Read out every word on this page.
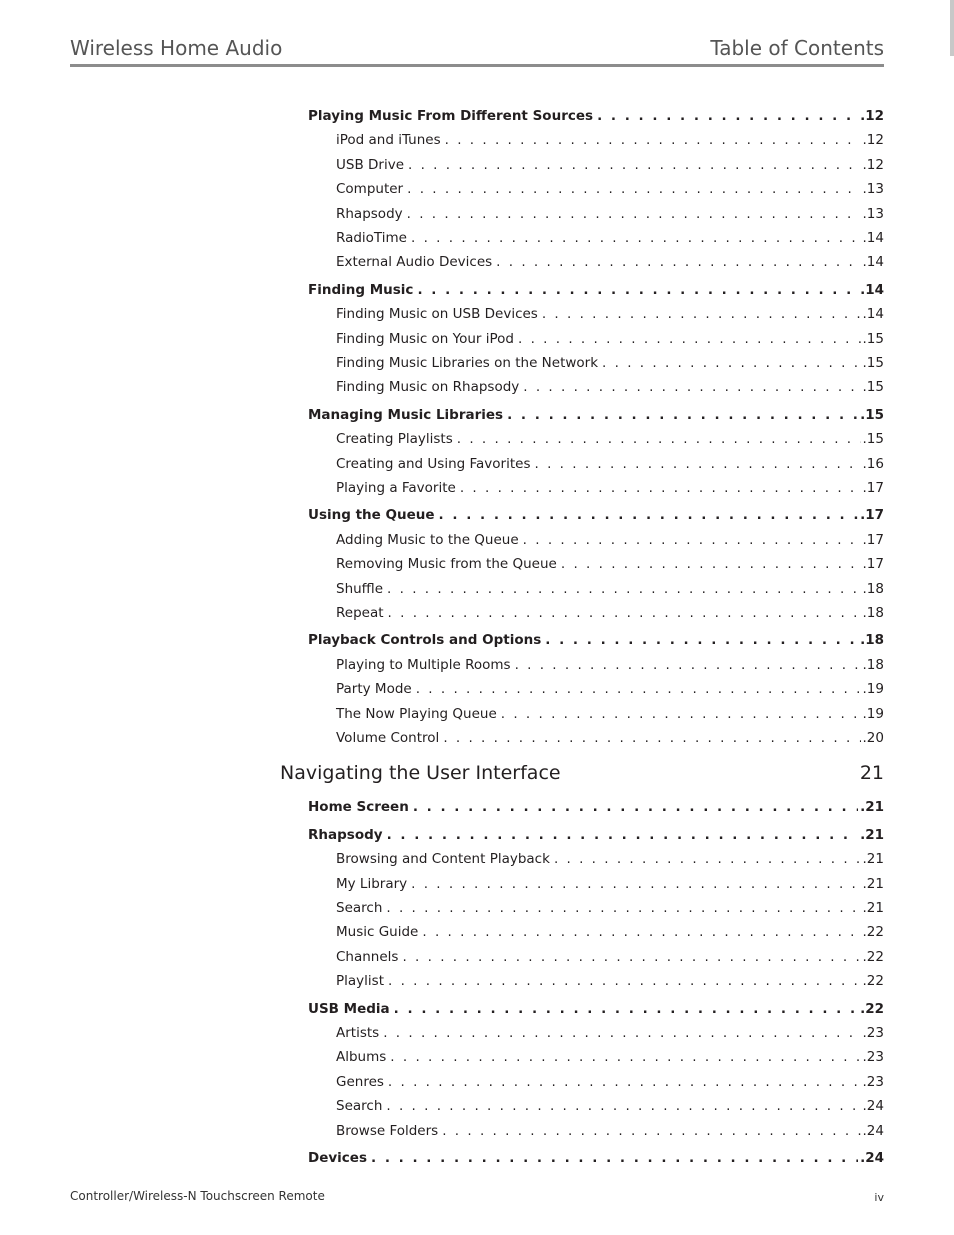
Wireless Home Audio	Table of Contents
Playing Music From Different Sources . . .	.12
iPod and iTunes . . .	.12
USB Drive . . .	.12
Computer . . .	.13
Rhapsody . . .	.13
RadioTime . . .	.14
External Audio Devices . . .	.14
Finding Music . . .	.14
Finding Music on USB Devices . . .	.14
Finding Music on Your iPod . . .	.15
Finding Music Libraries on the Network . . .	.15
Finding Music on Rhapsody . . .	.15
Managing Music Libraries . . .	.15
Creating Playlists . . .	.15
Creating and Using Favorites . . .	.16
Playing a Favorite . . .	.17
Using the Queue . . .	.17
Adding Music to the Queue . . .	.17
Removing Music from the Queue . . .	.17
Shuffle . . .	.18
Repeat . . .	.18
Playback Controls and Options . . .	.18
Playing to Multiple Rooms . . .	.18
Party Mode . . .	.19
The Now Playing Queue . . .	.19
Volume Control . . .	.20
Navigating the User Interface	21
Home Screen . . .	.21
Rhapsody . . .	.21
Browsing and Content Playback . . .	.21
My Library . . .	.21
Search . . .	.21
Music Guide . . .	.22
Channels . . .	.22
Playlist . . .	.22
USB Media . . .	.22
Artists . . .	.23
Albums . . .	.23
Genres . . .	.23
Search . . .	.24
Browse Folders . . .	.24
Devices . . .	.24
Controller/Wireless-N Touchscreen Remote	iv
